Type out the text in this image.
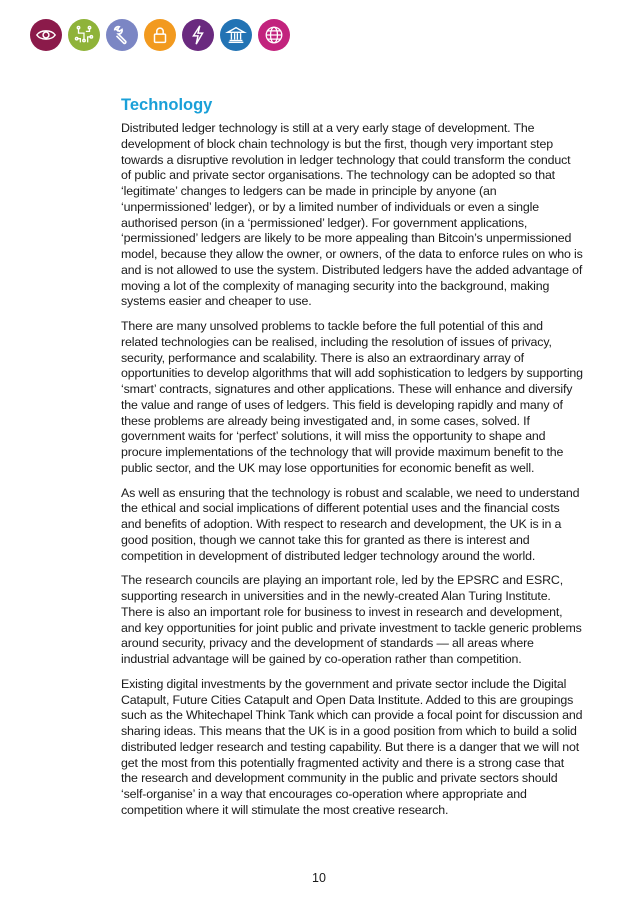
Technology

Distributed ledger technology is still at a very early stage of development. The development of block chain technology is but the first, though very important step towards a disruptive revolution in ledger technology that could transform the conduct of public and private sector organisations. The technology can be adopted so that ‘legitimate’ changes to ledgers can be made in principle by anyone (an ‘unpermissioned’ ledger), or by a limited number of individuals or even a single authorised person (in a ‘permissioned’ ledger). For government applications, ‘permissioned’ ledgers are likely to be more appealing than Bitcoin’s unpermissioned model, because they allow the owner, or owners, of the data to enforce rules on who is and is not allowed to use the system. Distributed ledgers have the added advantage of moving a lot of the complexity of managing security into the background, making systems easier and cheaper to use.

There are many unsolved problems to tackle before the full potential of this and related technologies can be realised, including the resolution of issues of privacy, security, performance and scalability. There is also an extraordinary array of opportunities to develop algorithms that will add sophistication to ledgers by supporting ‘smart’ contracts, signatures and other applications. These will enhance and diversify the value and range of uses of ledgers. This field is developing rapidly and many of these problems are already being investigated and, in some cases, solved. If government waits for ‘perfect’ solutions, it will miss the opportunity to shape and procure implementations of the technology that will provide maximum benefit to the public sector, and the UK may lose opportunities for economic benefit as well.

As well as ensuring that the technology is robust and scalable, we need to understand the ethical and social implications of different potential uses and the financial costs and benefits of adoption. With respect to research and development, the UK is in a good position, though we cannot take this for granted as there is interest and competition in development of distributed ledger technology around the world.

The research councils are playing an important role, led by the EPSRC and ESRC, supporting research in universities and in the newly-created Alan Turing Institute. There is also an important role for business to invest in research and development, and key opportunities for joint public and private investment to tackle generic problems around security, privacy and the development of standards — all areas where industrial advantage will be gained by co-operation rather than competition.

Existing digital investments by the government and private sector include the Digital Catapult, Future Cities Catapult and Open Data Institute. Added to this are groupings such as the Whitechapel Think Tank which can provide a focal point for discussion and sharing ideas. This means that the UK is in a good position from which to build a solid distributed ledger research and testing capability. But there is a danger that we will not get the most from this potentially fragmented activity and there is a strong case that the research and development community in the public and private sectors should ‘self-organise’ in a way that encourages co-operation where appropriate and competition where it will stimulate the most creative research.

10
